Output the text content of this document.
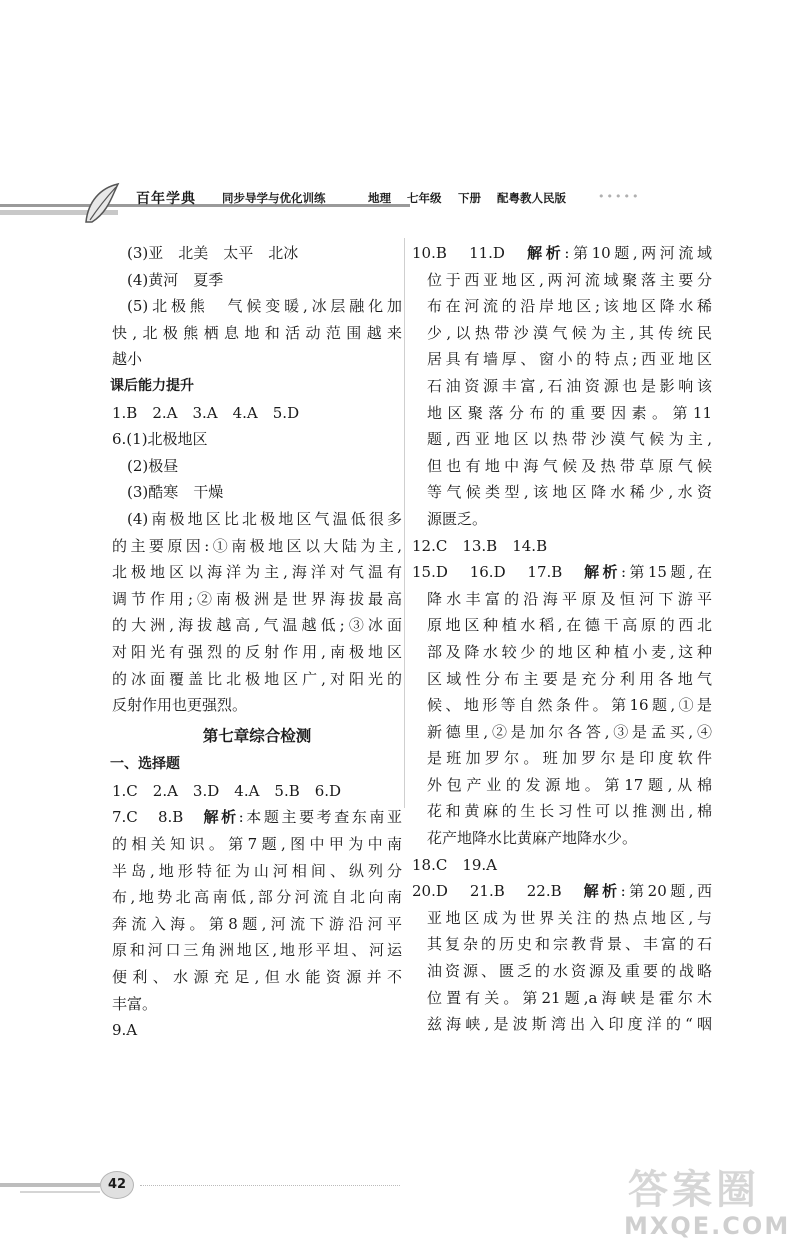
百年学典 同步导学与优化训练	地理 七年级 下册 配粤教人民版	•••••

(3)亚　北美　太平　北冰

(4)黄河　夏季

(5)北极熊　气候变暖,冰层融化加

快,北极熊栖息地和活动范围越来

越小

课后能力提升

1.B　2.A　3.A　4.A　5.D

6.(1)北极地区

(2)极昼

(3)酷寒　干燥

(4)南极地区比北极地区气温低很多

的主要原因:①南极地区以大陆为主,

北极地区以海洋为主,海洋对气温有

调节作用;②南极洲是世界海拔最高

的大洲,海拔越高,气温越低;③冰面

对阳光有强烈的反射作用,南极地区

的冰面覆盖比北极地区广,对阳光的

反射作用也更强烈。

第七章综合检测

一、选择题

1.C　2.A　3.D　4.A　5.B　6.D

7.C　8.B　解析:本题主要考查东南亚

的相关知识。第7题,图中甲为中南

半岛,地形特征为山河相间、纵列分

布,地势北高南低,部分河流自北向南

奔流入海。第8题,河流下游沿河平

原和河口三角洲地区,地形平坦、河运

便利、水源充足,但水能资源并不

丰富。

9.A

10.B　11.D　解析:第10题,两河流域

位于西亚地区,两河流域聚落主要分

布在河流的沿岸地区;该地区降水稀

少,以热带沙漠气候为主,其传统民

居具有墙厚、窗小的特点;西亚地区

石油资源丰富,石油资源也是影响该

地区聚落分布的重要因素。第11

题,西亚地区以热带沙漠气候为主,

但也有地中海气候及热带草原气候

等气候类型,该地区降水稀少,水资

源匮乏。

12.C　13.B　14.B

15.D　16.D　17.B　解析:第15题,在

降水丰富的沿海平原及恒河下游平

原地区种植水稻,在德干高原的西北

部及降水较少的地区种植小麦,这种

区域性分布主要是充分利用各地气

候、地形等自然条件。第16题,①是

新德里,②是加尔各答,③是孟买,④

是班加罗尔。班加罗尔是印度软件

外包产业的发源地。第17题,从棉

花和黄麻的生长习性可以推测出,棉

花产地降水比黄麻产地降水少。

18.C　19.A

20.D　21.B　22.B　解析:第20题,西

亚地区成为世界关注的热点地区,与

其复杂的历史和宗教背景、丰富的石

油资源、匮乏的水资源及重要的战略

位置有关。第21题,a海峡是霍尔木

兹海峡,是波斯湾出入印度洋的“咽

42	答案圈
MXQE.COM
